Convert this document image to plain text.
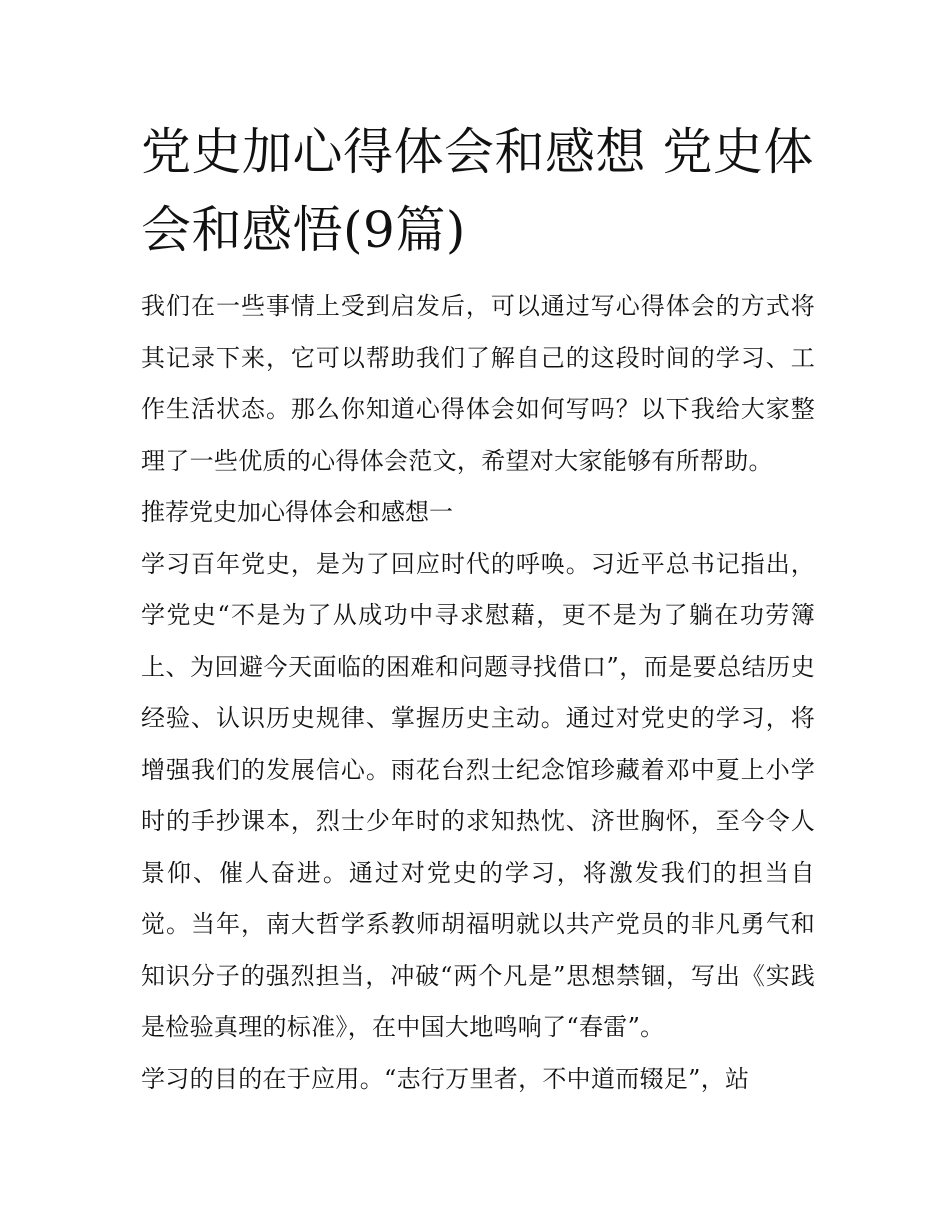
党史加心得体会和感想 党史体会和感悟(9篇)

我们在一些事情上受到启发后，可以通过写心得体会的方式将其记录下来，它可以帮助我们了解自己的这段时间的学习、工作生活状态。那么你知道心得体会如何写吗？以下我给大家整理了一些优质的心得体会范文，希望对大家能够有所帮助。

推荐党史加心得体会和感想一

学习百年党史，是为了回应时代的呼唤。习近平总书记指出，学党史“不是为了从成功中寻求慰藉，更不是为了躺在功劳簿上、为回避今天面临的困难和问题寻找借口”，而是要总结历史经验、认识历史规律、掌握历史主动。通过对党史的学习，将增强我们的发展信心。雨花台烈士纪念馆珍藏着邓中夏上小学时的手抄课本，烈士少年时的求知热忱、济世胸怀，至今令人景仰、催人奋进。通过对党史的学习，将激发我们的担当自觉。当年，南大哲学系教师胡福明就以共产党员的非凡勇气和知识分子的强烈担当，冲破“两个凡是”思想禁锢，写出《实践是检验真理的标准》，在中国大地鸣响了“春雷”。

学习的目的在于应用。“志行万里者，不中道而辍足”，站
